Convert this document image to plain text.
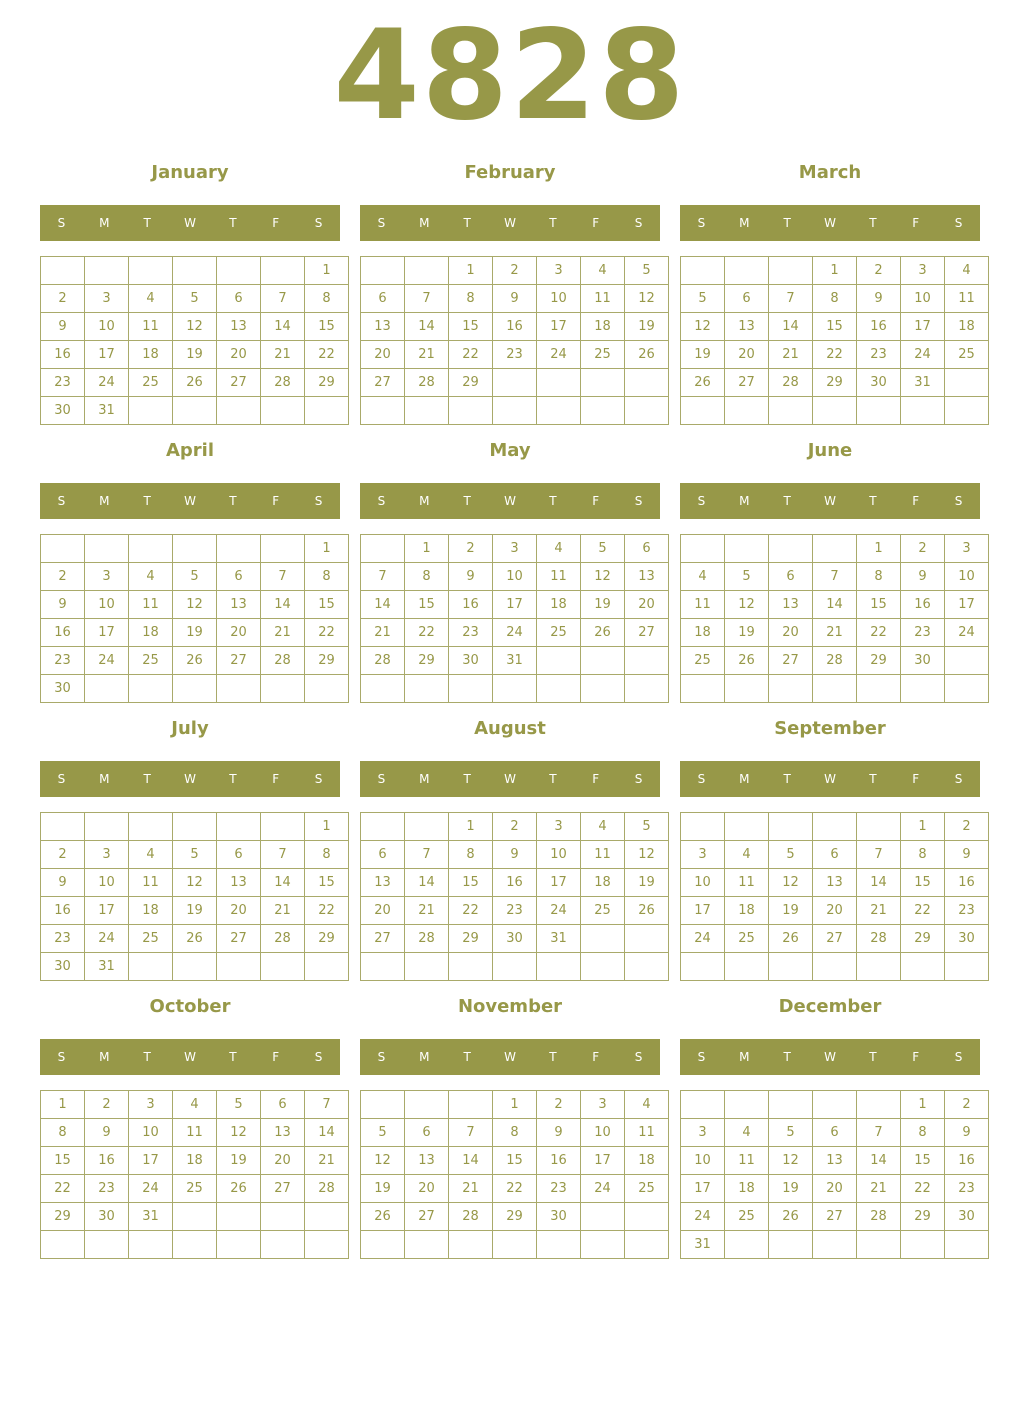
4828
January
S	M	T	W	T	F	S
						1
2	3	4	5	6	7	8
9	10	11	12	13	14	15
16	17	18	19	20	21	22
23	24	25	26	27	28	29
30	31					
February
S	M	T	W	T	F	S
		1	2	3	4	5
6	7	8	9	10	11	12
13	14	15	16	17	18	19
20	21	22	23	24	25	26
27	28	29				

March
S	M	T	W	T	F	S
			1	2	3	4
5	6	7	8	9	10	11
12	13	14	15	16	17	18
19	20	21	22	23	24	25
26	27	28	29	30	31	

April
S	M	T	W	T	F	S
						1
2	3	4	5	6	7	8
9	10	11	12	13	14	15
16	17	18	19	20	21	22
23	24	25	26	27	28	29
30						
May
S	M	T	W	T	F	S
	1	2	3	4	5	6
7	8	9	10	11	12	13
14	15	16	17	18	19	20
21	22	23	24	25	26	27
28	29	30	31			

June
S	M	T	W	T	F	S
				1	2	3
4	5	6	7	8	9	10
11	12	13	14	15	16	17
18	19	20	21	22	23	24
25	26	27	28	29	30	

July
S	M	T	W	T	F	S
						1
2	3	4	5	6	7	8
9	10	11	12	13	14	15
16	17	18	19	20	21	22
23	24	25	26	27	28	29
30	31					
August
S	M	T	W	T	F	S
		1	2	3	4	5
6	7	8	9	10	11	12
13	14	15	16	17	18	19
20	21	22	23	24	25	26
27	28	29	30	31		

September
S	M	T	W	T	F	S
					1	2
3	4	5	6	7	8	9
10	11	12	13	14	15	16
17	18	19	20	21	22	23
24	25	26	27	28	29	30

October
S	M	T	W	T	F	S
1	2	3	4	5	6	7
8	9	10	11	12	13	14
15	16	17	18	19	20	21
22	23	24	25	26	27	28
29	30	31				

November
S	M	T	W	T	F	S
			1	2	3	4
5	6	7	8	9	10	11
12	13	14	15	16	17	18
19	20	21	22	23	24	25
26	27	28	29	30		

December
S	M	T	W	T	F	S
					1	2
3	4	5	6	7	8	9
10	11	12	13	14	15	16
17	18	19	20	21	22	23
24	25	26	27	28	29	30
31						
